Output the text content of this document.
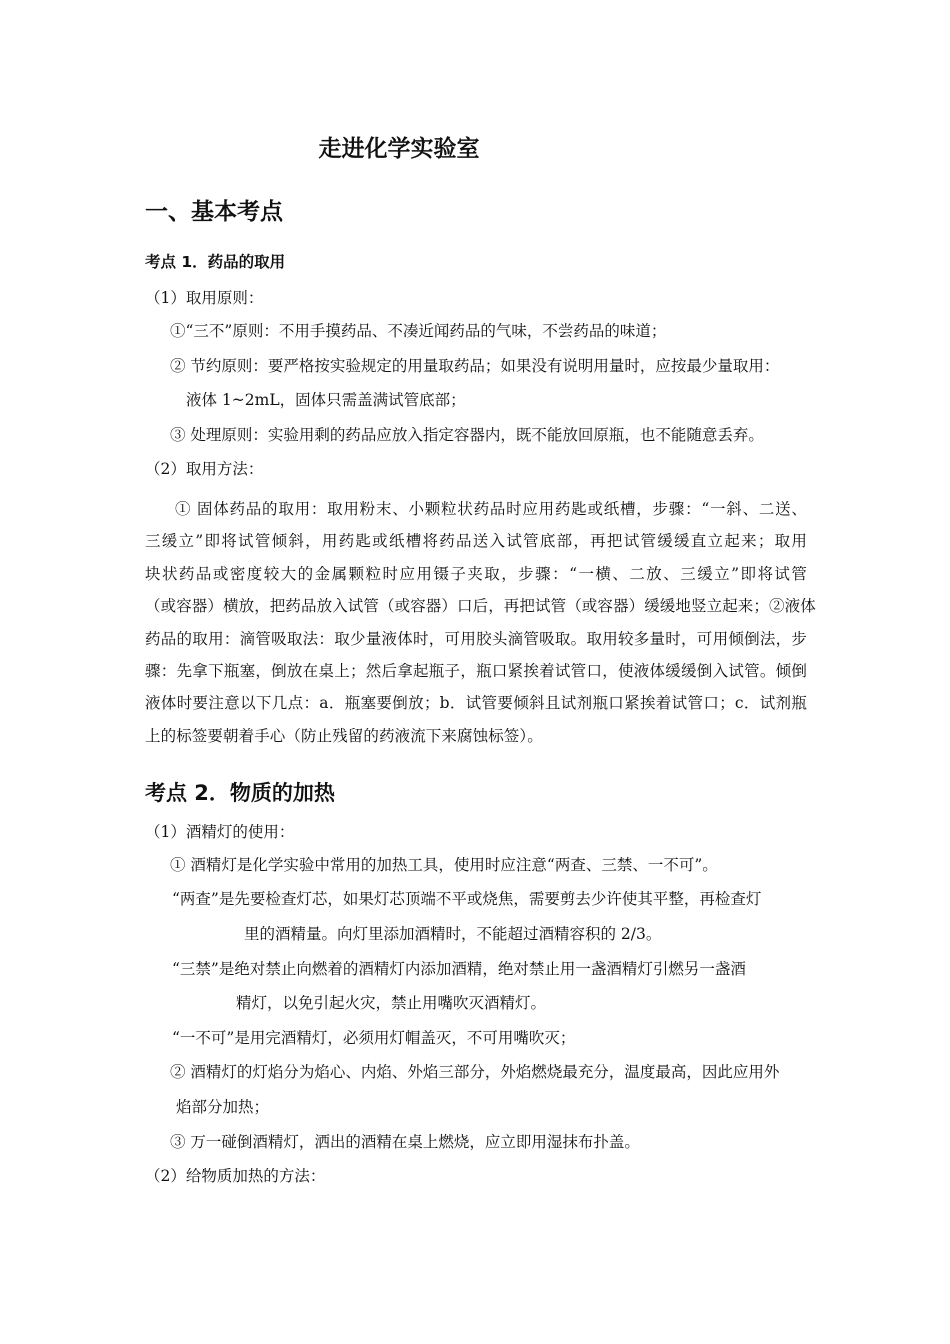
走进化学实验室
一、基本考点
考点 1．药品的取用
（1）取用原则：
①“三不”原则：不用手摸药品、不凑近闻药品的气味，不尝药品的味道；
② 节约原则：要严格按实验规定的用量取药品；如果没有说明用量时，应按最少量取用：
液体 1~2mL，固体只需盖满试管底部；
③ 处理原则：实验用剩的药品应放入指定容器内，既不能放回原瓶，也不能随意丢弃。
（2）取用方法：
① 固体药品的取用：取用粉末、小颗粒状药品时应用药匙或纸槽，步骤：“一斜、二送、
三缓立”即将试管倾斜，用药匙或纸槽将药品送入试管底部，再把试管缓缓直立起来；取用
块状药品或密度较大的金属颗粒时应用镊子夹取，步骤：“一横、二放、三缓立”即将试管
（或容器）横放，把药品放入试管（或容器）口后，再把试管（或容器）缓缓地竖立起来；②液体
药品的取用：滴管吸取法：取少量液体时，可用胶头滴管吸取。取用较多量时，可用倾倒法，步
骤：先拿下瓶塞，倒放在桌上；然后拿起瓶子，瓶口紧挨着试管口，使液体缓缓倒入试管。倾倒
液体时要注意以下几点：a．瓶塞要倒放；b．试管要倾斜且试剂瓶口紧挨着试管口；c．试剂瓶
上的标签要朝着手心（防止残留的药液流下来腐蚀标签）。
考点 2．物质的加热
（1）酒精灯的使用：
① 酒精灯是化学实验中常用的加热工具，使用时应注意“两查、三禁、一不可”。
“两查”是先要检查灯芯，如果灯芯顶端不平或烧焦，需要剪去少许使其平整，再检查灯
里的酒精量。向灯里添加酒精时，不能超过酒精容积的 2/3。
“三禁”是绝对禁止向燃着的酒精灯内添加酒精，绝对禁止用一盏酒精灯引燃另一盏酒
精灯，以免引起火灾，禁止用嘴吹灭酒精灯。
“一不可”是用完酒精灯，必须用灯帽盖灭，不可用嘴吹灭；
② 酒精灯的灯焰分为焰心、内焰、外焰三部分，外焰燃烧最充分，温度最高，因此应用外
焰部分加热；
③ 万一碰倒酒精灯，洒出的酒精在桌上燃烧，应立即用湿抹布扑盖。
（2）给物质加热的方法：
